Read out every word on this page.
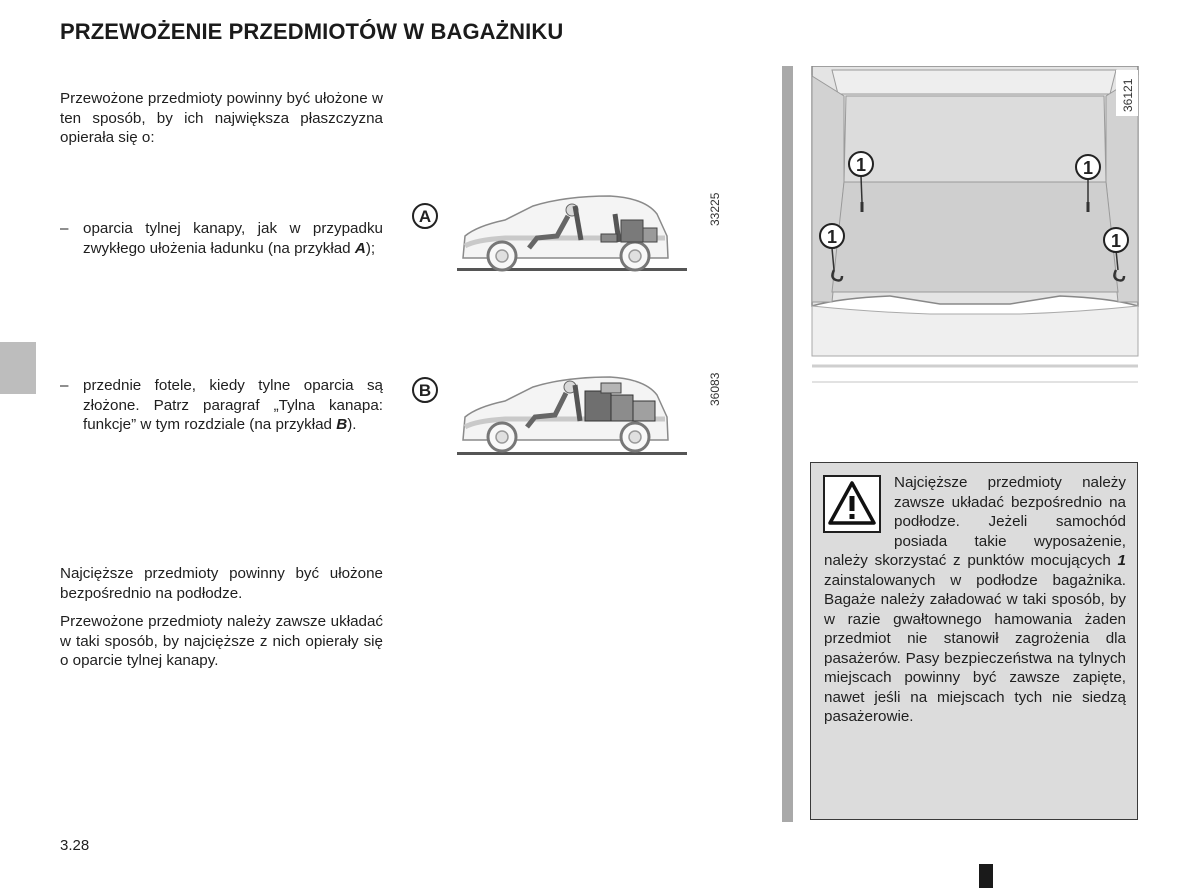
PRZEWOŻENIE PRZEDMIOTÓW W BAGAŻNIKU
Przewożone przedmioty powinny być ułożone w ten sposób, by ich największa płaszczyzna opierała się o:
– oparcia tylnej kanapy, jak w przypadku zwykłego ułożenia ładunku (na przykład A);
– przednie fotele, kiedy tylne oparcia są złożone. Patrz paragraf „Tylna kanapa: funkcje” w tym rozdziale (na przykład B).
Najcięższe przedmioty powinny być ułożone bezpośrednio na podłodze.
Przewożone przedmioty należy zawsze układać w taki sposób, by najcięższe z nich opierały się o oparcie tylnej kanapy.
3.28
A	33225
B	36083
1	1
1	1
36121
Najcięższe przedmioty należy zawsze układać bezpośrednio na podłodze. Jeżeli samochód posiada takie wyposażenie, należy skorzystać z punktów mocujących 1 zainstalowanych w podłodze bagażnika. Bagaże należy załadować w taki sposób, by w razie gwałtownego hamowania żaden przedmiot nie stanowił zagrożenia dla pasażerów. Pasy bezpieczeństwa na tylnych miejscach powinny być zawsze zapięte, nawet jeśli na miejscach tych nie siedzą pasażerowie.
